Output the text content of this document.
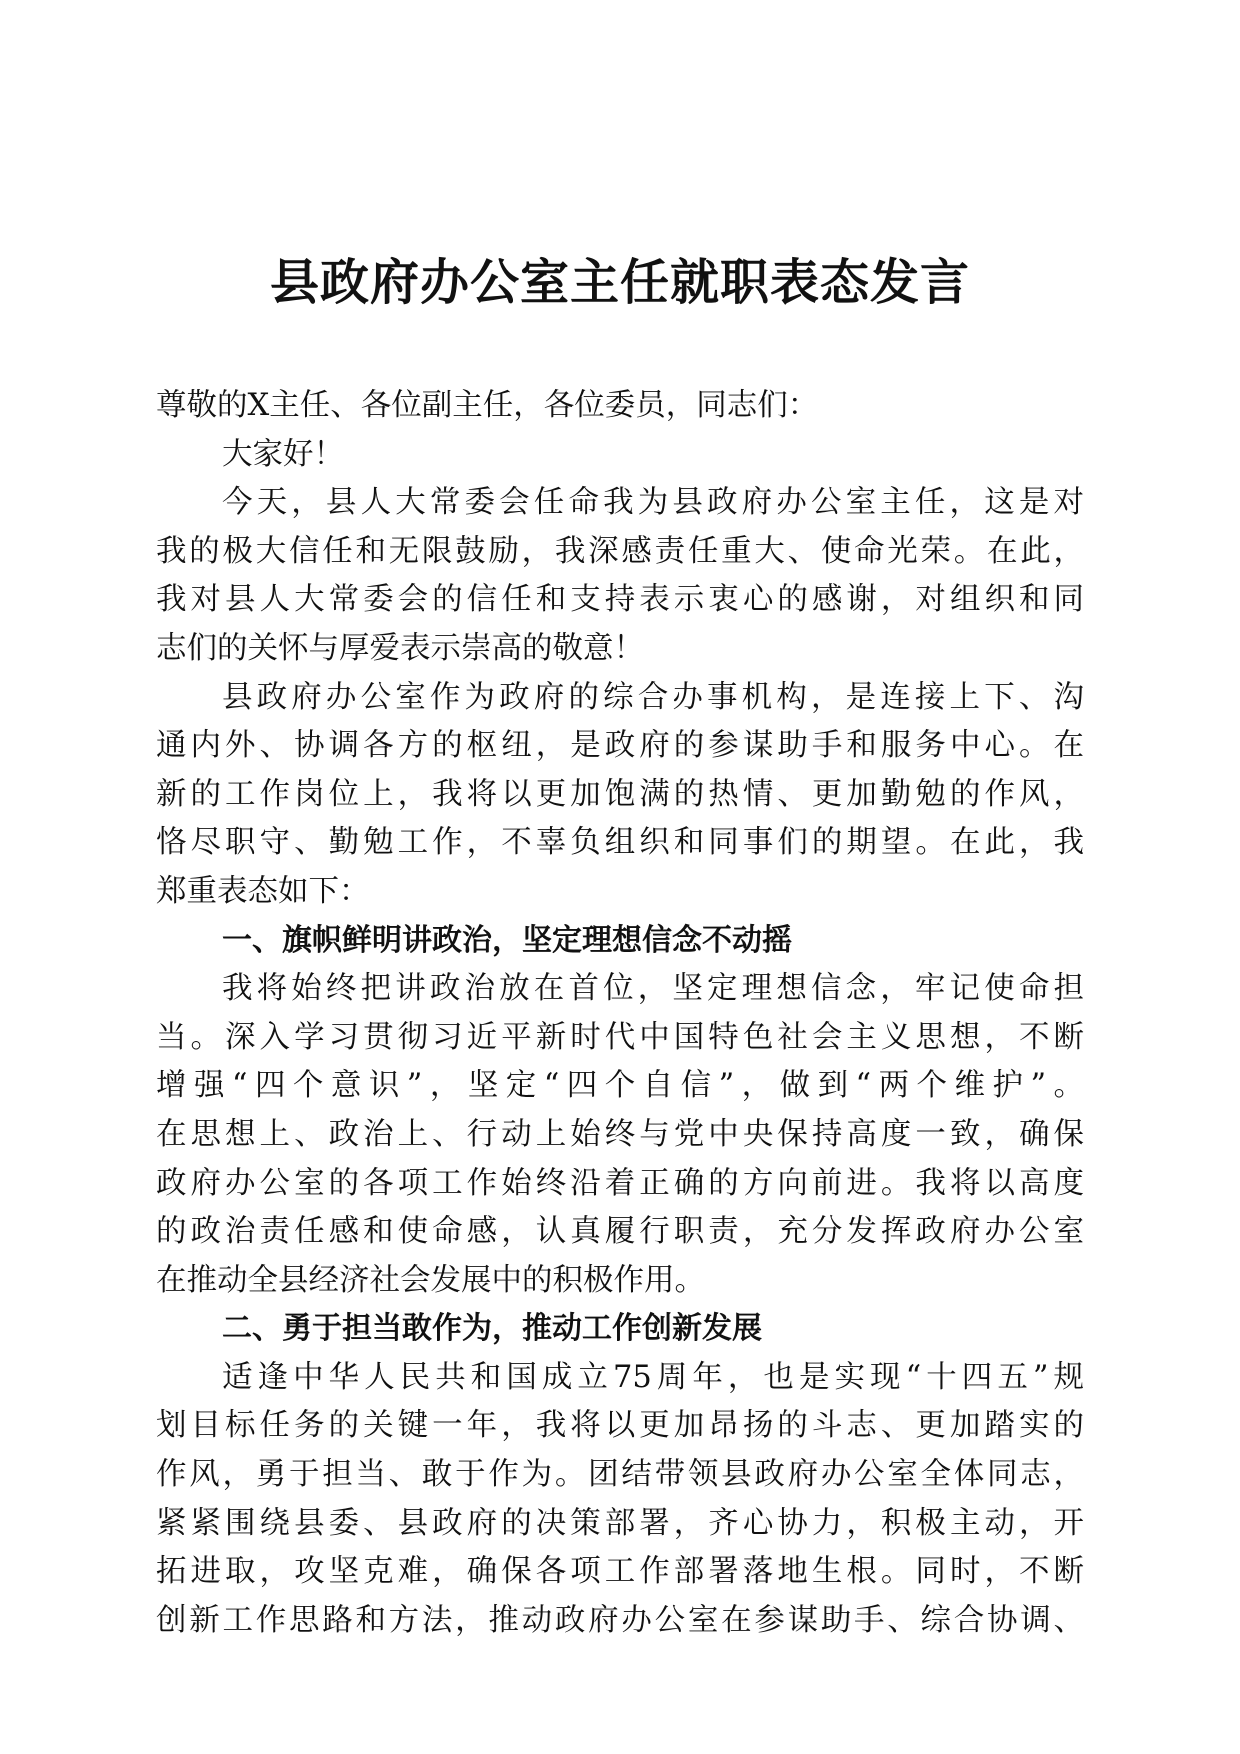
县政府办公室主任就职表态发言
尊敬的X主任、各位副主任，各位委员，同志们：
大家好！
今天，县人大常委会任命我为县政府办公室主任，这是对
我的极大信任和无限鼓励，我深感责任重大、使命光荣。在此，
我对县人大常委会的信任和支持表示衷心的感谢，对组织和同
志们的关怀与厚爱表示崇高的敬意！
县政府办公室作为政府的综合办事机构，是连接上下、沟
通内外、协调各方的枢纽，是政府的参谋助手和服务中心。在
新的工作岗位上，我将以更加饱满的热情、更加勤勉的作风，
恪尽职守、勤勉工作，不辜负组织和同事们的期望。在此，我
郑重表态如下：
一、旗帜鲜明讲政治，坚定理想信念不动摇
我将始终把讲政治放在首位，坚定理想信念，牢记使命担
当。深入学习贯彻习近平新时代中国特色社会主义思想，不断
增强“四个意识”，坚定“四个自信”，做到“两个维护”。
在思想上、政治上、行动上始终与党中央保持高度一致，确保
政府办公室的各项工作始终沿着正确的方向前进。我将以高度
的政治责任感和使命感，认真履行职责，充分发挥政府办公室
在推动全县经济社会发展中的积极作用。
二、勇于担当敢作为，推动工作创新发展
适逢中华人民共和国成立75周年，也是实现“十四五”规
划目标任务的关键一年，我将以更加昂扬的斗志、更加踏实的
作风，勇于担当、敢于作为。团结带领县政府办公室全体同志，
紧紧围绕县委、县政府的决策部署，齐心协力，积极主动，开
拓进取，攻坚克难，确保各项工作部署落地生根。同时，不断
创新工作思路和方法，推动政府办公室在参谋助手、综合协调、
